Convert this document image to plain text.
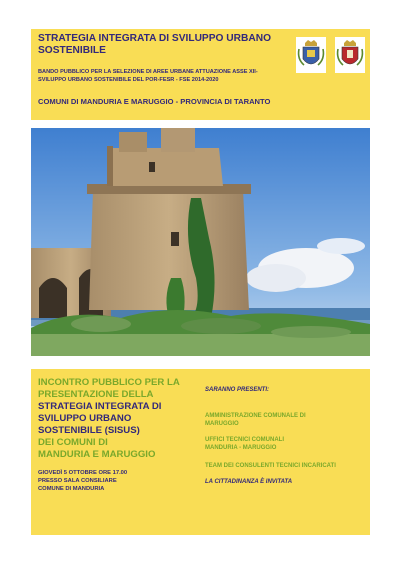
STRATEGIA INTEGRATA DI SVILUPPO URBANO SOSTENIBILE
BANDO PUBBLICO PER LA SELEZIONE DI AREE URBANE ATTUAZIONE ASSE XII-
SVILUPPO URBANO SOSTENIBILE DEL POR-FESR - FSE 2014-2020
COMUNI DI MANDURIA E MARUGGIO - PROVINCIA DI TARANTO
INCONTRO PUBBLICO PER LA
PRESENTAZIONE DELLA
STRATEGIA INTEGRATA DI
SVILUPPO URBANO
SOSTENIBILE (SISUS)
DEI COMUNI DI
MANDURIA E MARUGGIO
GIOVEDÌ 5 OTTOBRE ORE 17.00
PRESSO SALA CONSILIARE
COMUNE DI MANDURIA
SARANNO PRESENTI:
AMMINISTRAZIONE COMUNALE DI
MARUGGIO
UFFICI TECNICI COMUNALI
MANDURIA - MARUGGIO
TEAM DEI CONSULENTI TECNICI INCARICATI
LA CITTADINANZA È INVITATA
